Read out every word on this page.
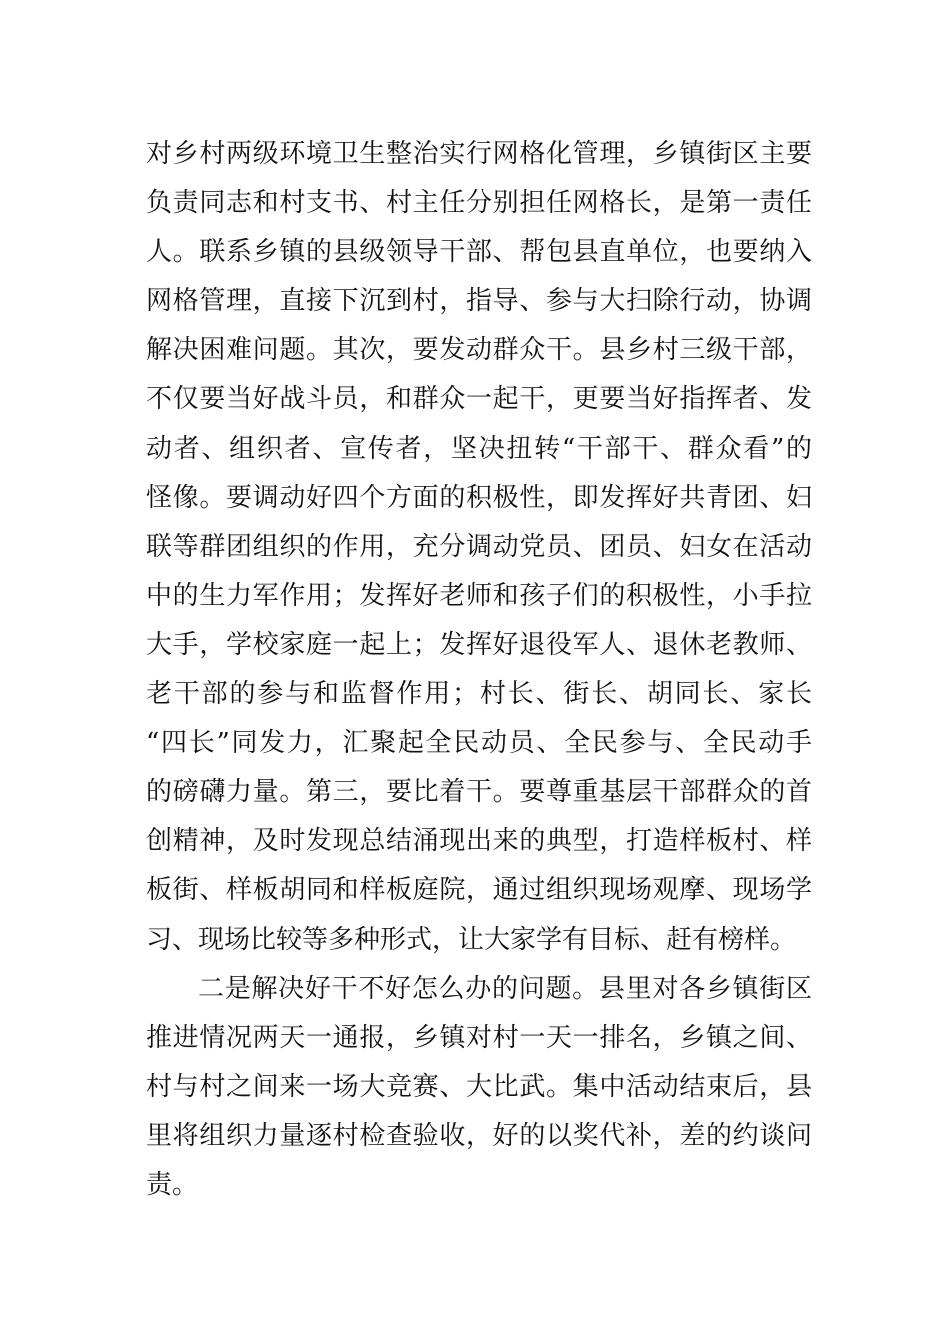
对乡村两级环境卫生整治实行网格化管理，乡镇街区主要
负责同志和村支书、村主任分别担任网格长，是第一责任
人。联系乡镇的县级领导干部、帮包县直单位，也要纳入
网格管理，直接下沉到村，指导、参与大扫除行动，协调
解决困难问题。其次，要发动群众干。县乡村三级干部，
不仅要当好战斗员，和群众一起干，更要当好指挥者、发
动者、组织者、宣传者，坚决扭转“干部干、群众看”的
怪像。要调动好四个方面的积极性，即发挥好共青团、妇
联等群团组织的作用，充分调动党员、团员、妇女在活动
中的生力军作用；发挥好老师和孩子们的积极性，小手拉
大手，学校家庭一起上；发挥好退役军人、退休老教师、
老干部的参与和监督作用；村长、街长、胡同长、家长
“四长”同发力，汇聚起全民动员、全民参与、全民动手
的磅礴力量。第三，要比着干。要尊重基层干部群众的首
创精神，及时发现总结涌现出来的典型，打造样板村、样
板街、样板胡同和样板庭院，通过组织现场观摩、现场学
习、现场比较等多种形式，让大家学有目标、赶有榜样。
二是解决好干不好怎么办的问题。县里对各乡镇街区
推进情况两天一通报，乡镇对村一天一排名，乡镇之间、
村与村之间来一场大竞赛、大比武。集中活动结束后，县
里将组织力量逐村检查验收，好的以奖代补，差的约谈问
责。
